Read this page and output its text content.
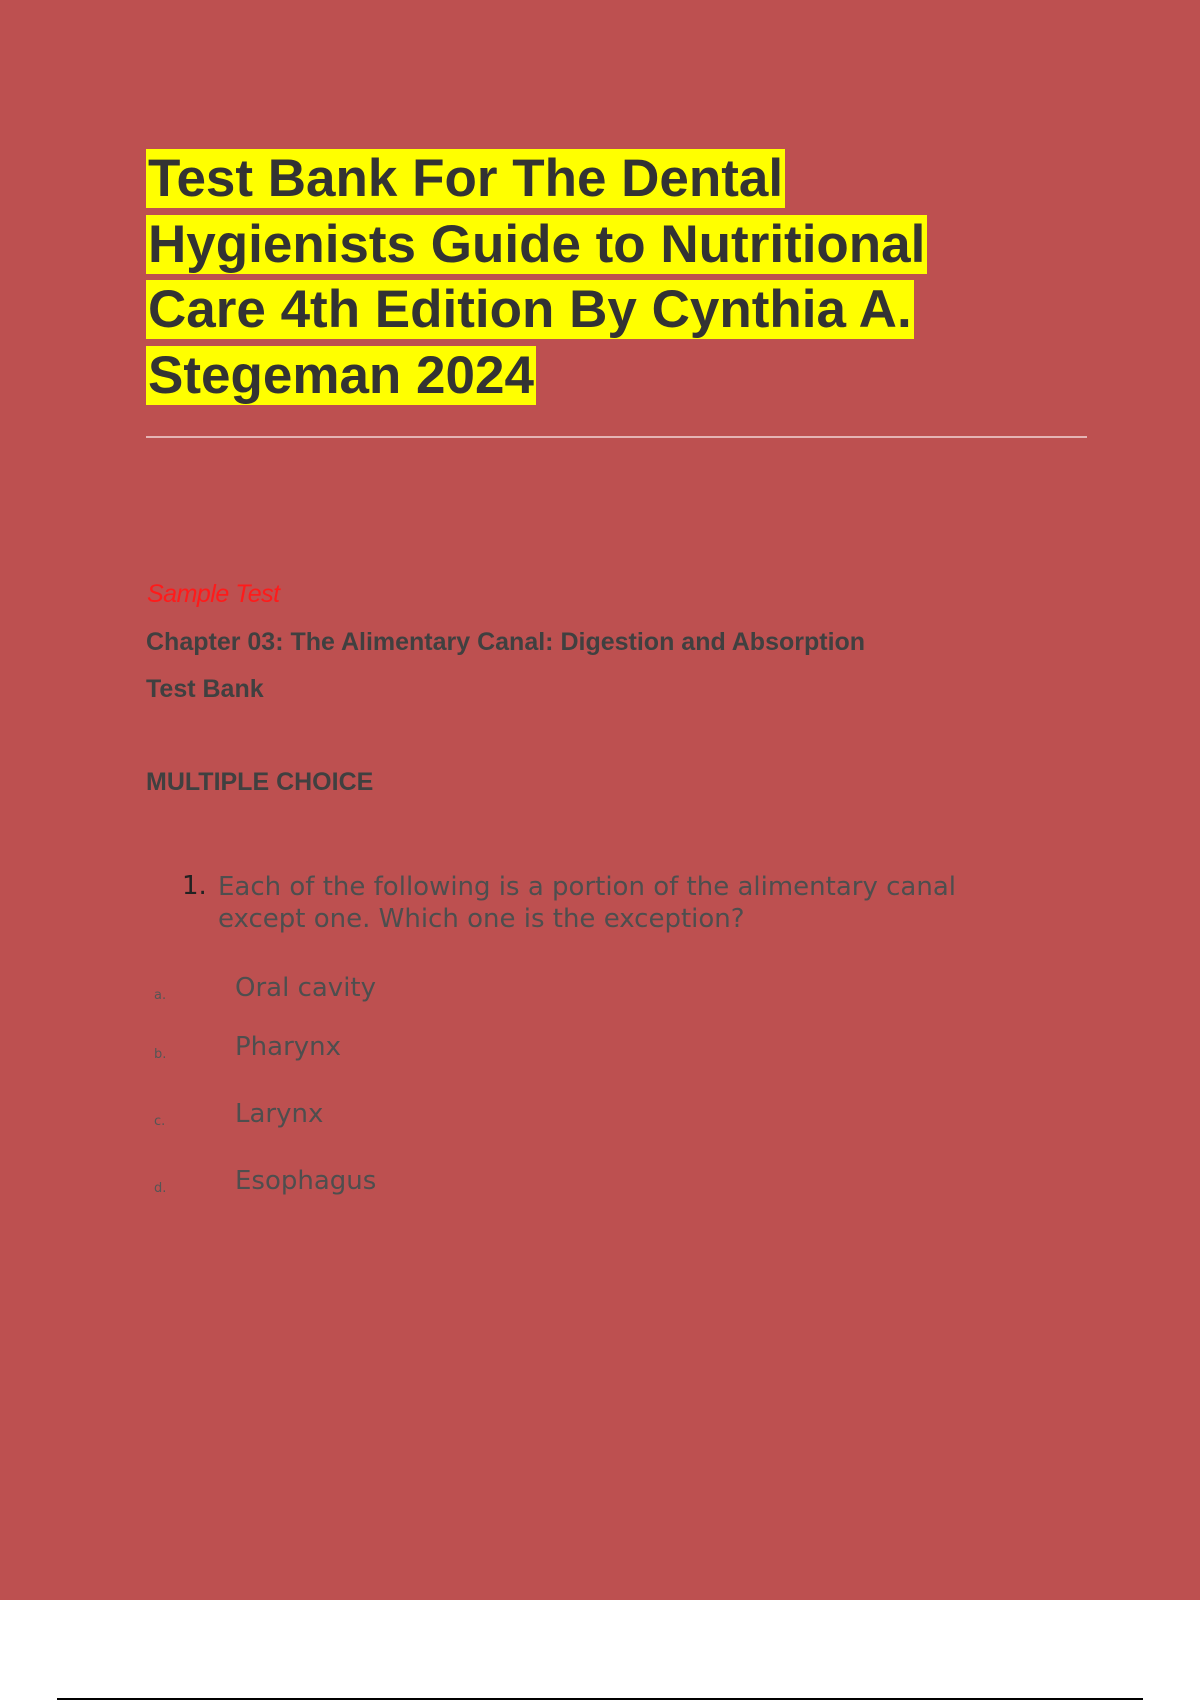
Test Bank For The Dental Hygienists Guide to Nutritional Care 4th Edition By Cynthia A. Stegeman 2024
Sample Test
Chapter 03: The Alimentary Canal: Digestion and Absorption
Test Bank
MULTIPLE CHOICE
1. Each of the following is a portion of the alimentary canal except one. Which one is the exception?
a.	Oral cavity
b.	Pharynx
c.	Larynx
d.	Esophagus
